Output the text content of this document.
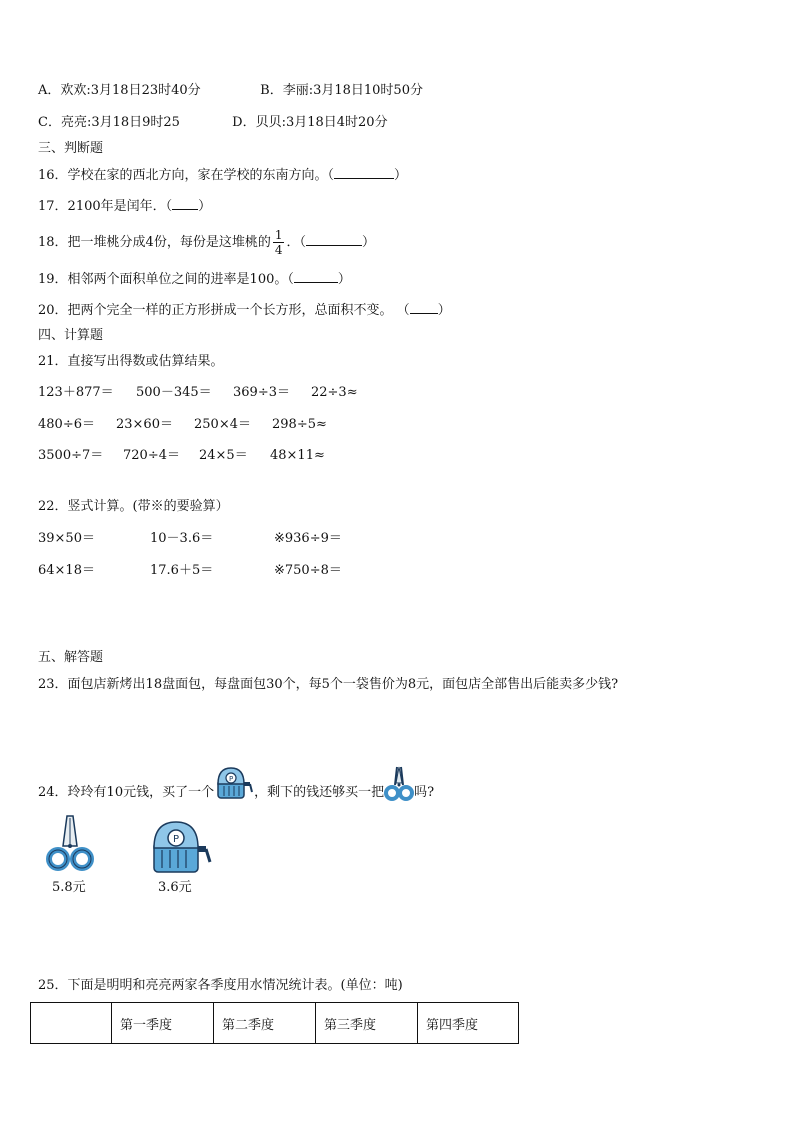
A．欢欢:3月18日23时40分	B．李丽:3月18日10时50分
C．亮亮:3月18日9时25	D．贝贝:3月18日4时20分
三、判断题
16．学校在家的西北方向，家在学校的东南方向。（	）
17．2100年是闰年．（ ）
18．把一堆桃分成4份，每份是这堆桃的 $\frac{1}{4}$ ．（	）
19．相邻两个面积单位之间的进率是100。（	）
20．把两个完全一样的正方形拼成一个长方形，总面积不变。 （ ）
四、计算题
21．直接写出得数或估算结果。
123＋877＝ 500－345＝ 369÷3＝ 22÷3≈
480÷6＝ 23×60＝ 250×4＝ 298÷5≈
3500÷7＝ 720÷4＝ 24×5＝ 48×11≈
22．竖式计算。(带※的要验算）
39×50＝	10－3.6＝	※936÷9＝
64×18＝	17.6＋5＝	※750÷8＝
五、解答题
23．面包店新烤出18盘面包，每盘面包30个，每5个一袋售价为8元，面包店全部售出后能卖多少钱?
24．玲玲有10元钱，买了一个
P
，剩下的钱还够买一把 吗?
5.8元
P
3.6元
25．下面是明明和亮亮两家各季度用水情况统计表。(单位：吨)
	第一季度	第二季度	第三季度	第四季度
